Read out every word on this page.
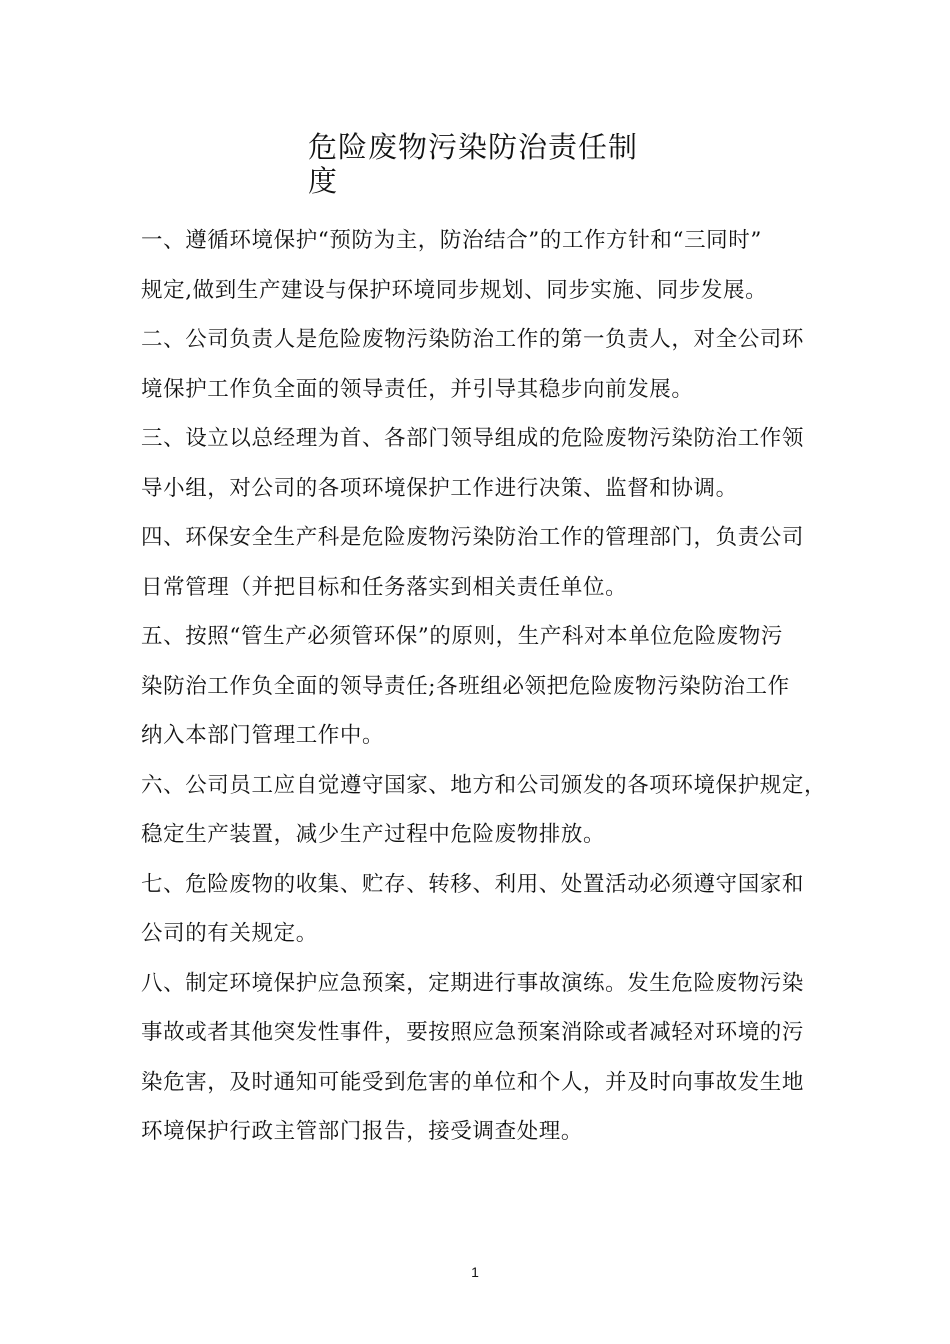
危险废物污染防治责任制
度
一、遵循环境保护“预防为主，防治结合”的工作方针和“三同时”
规定,做到生产建设与保护环境同步规划、同步实施、同步发展。
二、公司负责人是危险废物污染防治工作的第一负责人，对全公司环
境保护工作负全面的领导责任，并引导其稳步向前发展。
三、设立以总经理为首、各部门领导组成的危险废物污染防治工作领
导小组，对公司的各项环境保护工作进行决策、监督和协调。
四、环保安全生产科是危险废物污染防治工作的管理部门，负责公司
日常管理（并把目标和任务落实到相关责任单位。
五、按照“管生产必须管环保”的原则，生产科对本单位危险废物污
染防治工作负全面的领导责任;各班组必领把危险废物污染防治工作
纳入本部门管理工作中。
六、公司员工应自觉遵守国家、地方和公司颁发的各项环境保护规定，
稳定生产装置，减少生产过程中危险废物排放。
七、危险废物的收集、贮存、转移、利用、处置活动必须遵守国家和
公司的有关规定。
八、制定环境保护应急预案，定期进行事故演练。发生危险废物污染
事故或者其他突发性事件，要按照应急预案消除或者减轻对环境的污
染危害，及时通知可能受到危害的单位和个人，并及时向事故发生地
环境保护行政主管部门报告，接受调查处理。
1
